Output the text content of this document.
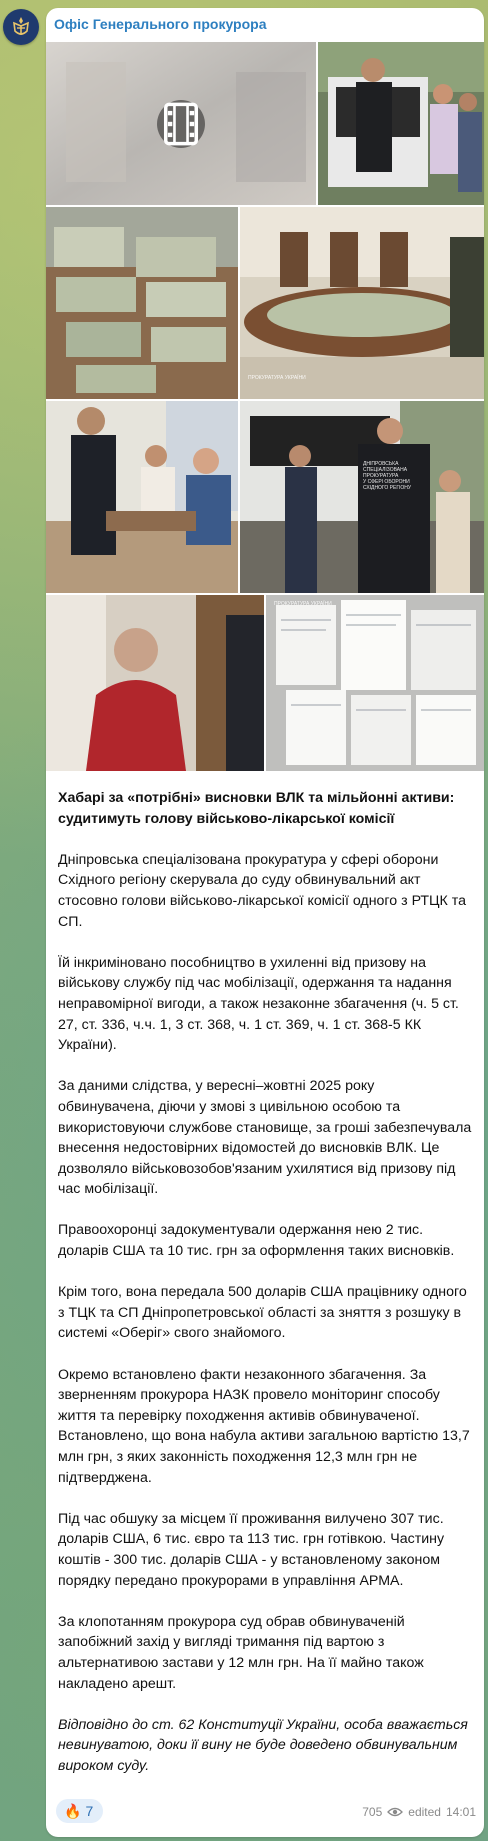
Офіс Генерального прокурора
ПРОКУРАТУРА УКРАЇНИ
ДНІПРОВСЬКА
СПЕЦІАЛІЗОВАНА
ПРОКУРАТУРА
У СФЕРІ ОБОРОНИ
СХІДНОГО РЕГІОНУ
ПРОКУРАТУРА УКРАЇНИ

Хабарі за «потрібні» висновки ВЛК та мільйонні активи: судитимуть голову військово-лікарської комісії

Дніпровська спеціалізована прокуратура у сфері оборони Східного регіону скерувала до суду обвинувальний акт стосовно голови військово-лікарської комісії одного з РТЦК та СП.

Їй інкриміновано пособництво в ухиленні від призову на військову службу під час мобілізації, одержання та надання неправомірної вигоди, а також незаконне збагачення (ч. 5 ст. 27, ст. 336, ч.ч. 1, 3 ст. 368, ч. 1 ст. 369, ч. 1 ст. 368-5 КК України).

За даними слідства, у вересні–жовтні 2025 року обвинувачена, діючи у змові з цивільною особою та використовуючи службове становище, за гроші забезпечувала внесення недостовірних відомостей до висновків ВЛК. Це дозволяло військовозобов'язаним ухилятися від призову під час мобілізації.

Правоохоронці задокументували одержання нею 2 тис. доларів США та 10 тис. грн за оформлення таких висновків.

Крім того, вона передала 500 доларів США працівнику одного з ТЦК та СП Дніпропетровської області за зняття з розшуку в системі «Оберіг» свого знайомого.

Окремо встановлено факти незаконного збагачення. За зверненням прокурора НАЗК провело моніторинг способу життя та перевірку походження активів обвинуваченої. Встановлено, що вона набула активи загальною вартістю 13,7 млн грн, з яких законність походження 12,3 млн грн не підтверджена.

Під час обшуку за місцем її проживання вилучено 307 тис. доларів США, 6 тис. євро та 113 тис. грн готівкою. Частину коштів - 300 тис. доларів США - у встановленому законом порядку передано прокурорами в управління АРМА.

За клопотанням прокурора суд обрав обвинуваченій запобіжний захід у вигляді тримання під вартою з альтернативою застави у 12 млн грн. На її майно також накладено арешт.

Відповідно до ст. 62 Конституції України, особа вважається невинуватою, доки її вину не буде доведено обвинувальним вироком суду.

🔥 7	705 edited 14:01
